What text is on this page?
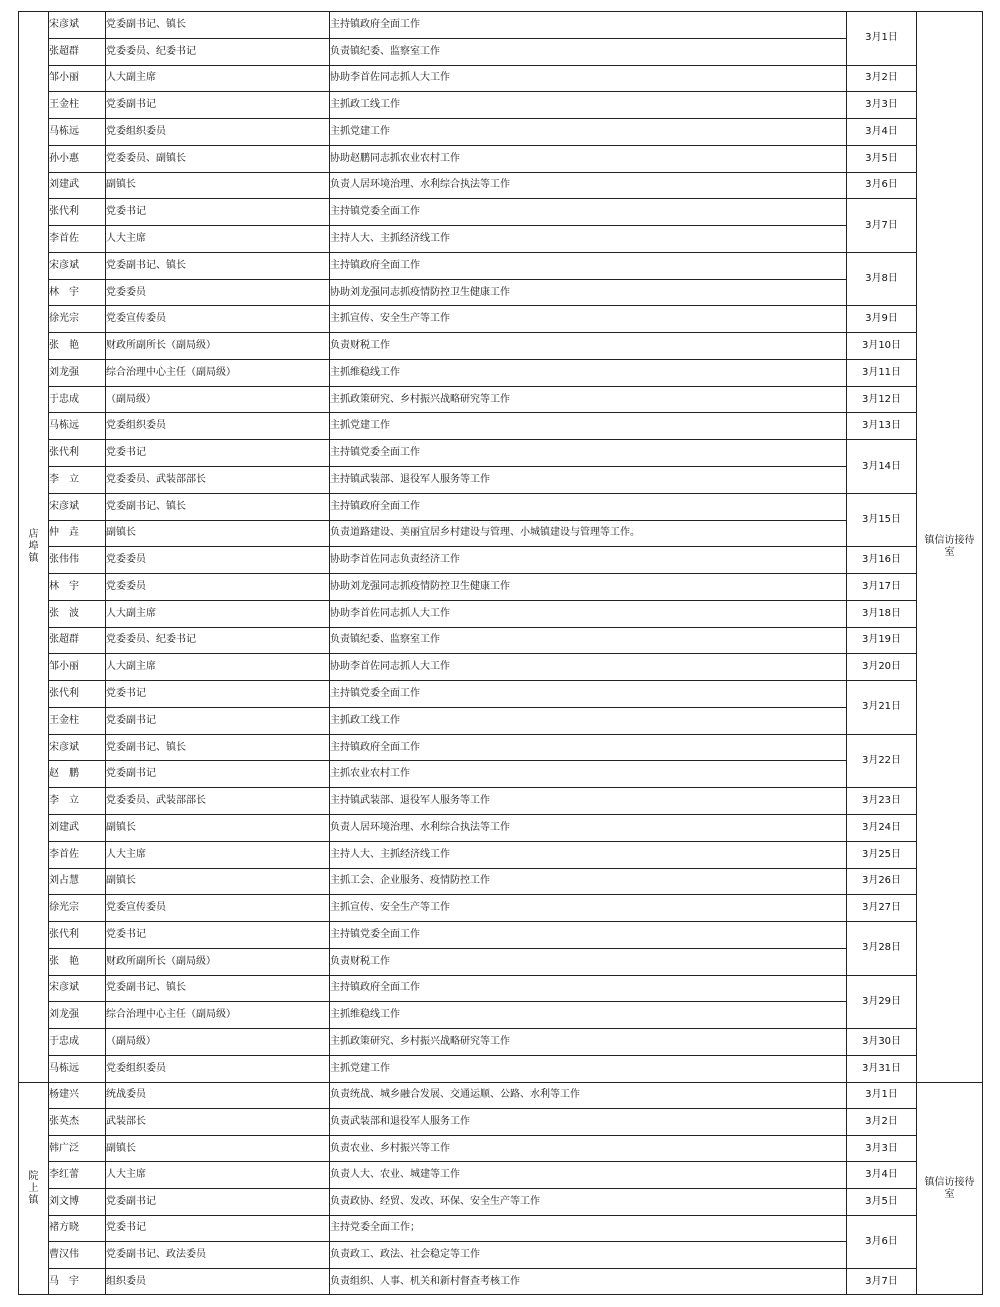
店埠镇	宋彦斌	党委副书记、镇长	主持镇政府全面工作	3月1日	镇信访接待室
	张超群	党委委员、纪委书记	负责镇纪委、监察室工作		
	邹小丽	人大副主席	协助李首佐同志抓人大工作	3月2日	
	王金柱	党委副书记	主抓政工线工作	3月3日	
	马栋远	党委组织委员	主抓党建工作	3月4日	
	孙小惠	党委委员、副镇长	协助赵鹏同志抓农业农村工作	3月5日	
	刘建武	副镇长	负责人居环境治理、水利综合执法等工作	3月6日	
	张代利	党委书记	主持镇党委全面工作	3月7日	
	李首佐	人大主席	主持人大、主抓经济线工作		
	宋彦斌	党委副书记、镇长	主持镇政府全面工作	3月8日	
	林　宇	党委委员	协助刘龙强同志抓疫情防控卫生健康工作		
	徐光宗	党委宣传委员	主抓宣传、安全生产等工作	3月9日	
	张　艳	财政所副所长（副局级）	负责财税工作	3月10日	
	刘龙强	综合治理中心主任（副局级）	主抓维稳线工作	3月11日	
	于忠成	（副局级）	主抓政策研究、乡村振兴战略研究等工作	3月12日	
	马栋远	党委组织委员	主抓党建工作	3月13日	
	张代利	党委书记	主持镇党委全面工作	3月14日	
	李　立	党委委员、武装部部长	主持镇武装部、退役军人服务等工作		
	宋彦斌	党委副书记、镇长	主持镇政府全面工作	3月15日	
	仲　垚	副镇长	负责道路建设、美丽宜居乡村建设与管理、小城镇建设与管理等工作。		
	张伟伟	党委委员	协助李首佐同志负责经济工作	3月16日	
	林　宇	党委委员	协助刘龙强同志抓疫情防控卫生健康工作	3月17日	
	张　波	人大副主席	协助李首佐同志抓人大工作	3月18日	
	张超群	党委委员、纪委书记	负责镇纪委、监察室工作	3月19日	
	邹小丽	人大副主席	协助李首佐同志抓人大工作	3月20日	
	张代利	党委书记	主持镇党委全面工作	3月21日	
	王金柱	党委副书记	主抓政工线工作		
	宋彦斌	党委副书记、镇长	主持镇政府全面工作	3月22日	
	赵　鹏	党委副书记	主抓农业农村工作		
	李　立	党委委员、武装部部长	主持镇武装部、退役军人服务等工作	3月23日	
	刘建武	副镇长	负责人居环境治理、水利综合执法等工作	3月24日	
	李首佐	人大主席	主持人大、主抓经济线工作	3月25日	
	刘占慧	副镇长	主抓工会、企业服务、疫情防控工作	3月26日	
	徐光宗	党委宣传委员	主抓宣传、安全生产等工作	3月27日	
	张代利	党委书记	主持镇党委全面工作	3月28日	
	张　艳	财政所副所长（副局级）	负责财税工作		
	宋彦斌	党委副书记、镇长	主持镇政府全面工作	3月29日	
	刘龙强	综合治理中心主任（副局级）	主抓维稳线工作		
	于忠成	（副局级）	主抓政策研究、乡村振兴战略研究等工作	3月30日	
	马栋远	党委组织委员	主抓党建工作	3月31日	
院上镇	杨建兴	统战委员	负责统战、城乡融合发展、交通运顺、公路、水利等工作	3月1日	镇信访接待室
	张英杰	武装部长	负责武装部和退役军人服务工作	3月2日	
	韩广泛	副镇长	负责农业、乡村振兴等工作	3月3日	
	李红蕾	人大主席	负责人大、农业、城建等工作	3月4日	
	刘文博	党委副书记	负责政协、经贸、发改、环保、安全生产等工作	3月5日	
	褚方晓	党委书记	主持党委全面工作；	3月6日	
	曹汉伟	党委副书记、政法委员	负责政工、政法、社会稳定等工作		
	马　宇	组织委员	负责组织、人事、机关和新村督查考核工作	3月7日	
